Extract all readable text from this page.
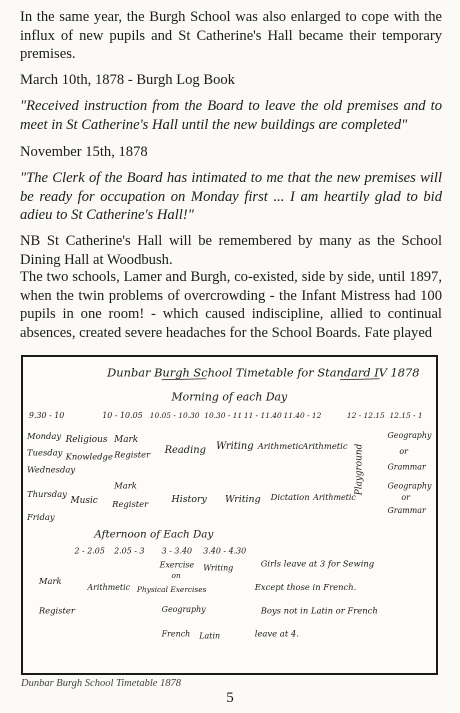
In the same year, the Burgh School was also enlarged to cope with the influx of new pupils and St Catherine's Hall became their temporary premises.

March 10th, 1878 - Burgh Log Book

"Received instruction from the Board to leave the old premises and to meet in St Catherine's Hall until the new buildings are completed"

November 15th, 1878

"The Clerk of the Board has intimated to me that the new premises will be ready for occupation on Monday first ... I am heartily glad to bid adieu to St Catherine's Hall!"

NB St Catherine's Hall will be remembered by many as the School Dining Hall at Woodbush.

The two schools, Lamer and Burgh, co-existed, side by side, until 1897, when the twin problems of overcrowding - the Infant Mistress had 100 pupils in one room! - which caused indiscipline, allied to continual absences, created severe headaches for the School Boards. Fate played

Dunbar Burgh School Timetable for Standard IV 1878
Morning of each Day
9.30 - 10	10 - 10.05 10.05 - 10.30 10.30 - 11 11 - 11.40 11.40 - 12	12 - 12.15 12.15 - 1
Monday
Tuesday
Wednesday
Thursday
Friday
Religious Mark
Knowledge Register Reading Writing Arithmetic Arithmetic
Geography
or
Grammar
Playground
Music
Mark
Register History Writing Dictation Arithmetic
Geography
or
Grammar
Afternoon of Each Day
2 - 2.05 2.05 - 3 3 - 3.40 3.40 - 4.30
Mark
Register
Arithmetic
Exercise Writing
on
Geography
Physical Exercises
French Latin
Girls leave at 3 for Sewing
Except those in French.
Boys not in Latin or French
leave at 4.
Dunbar Burgh School Timetable 1878
5
